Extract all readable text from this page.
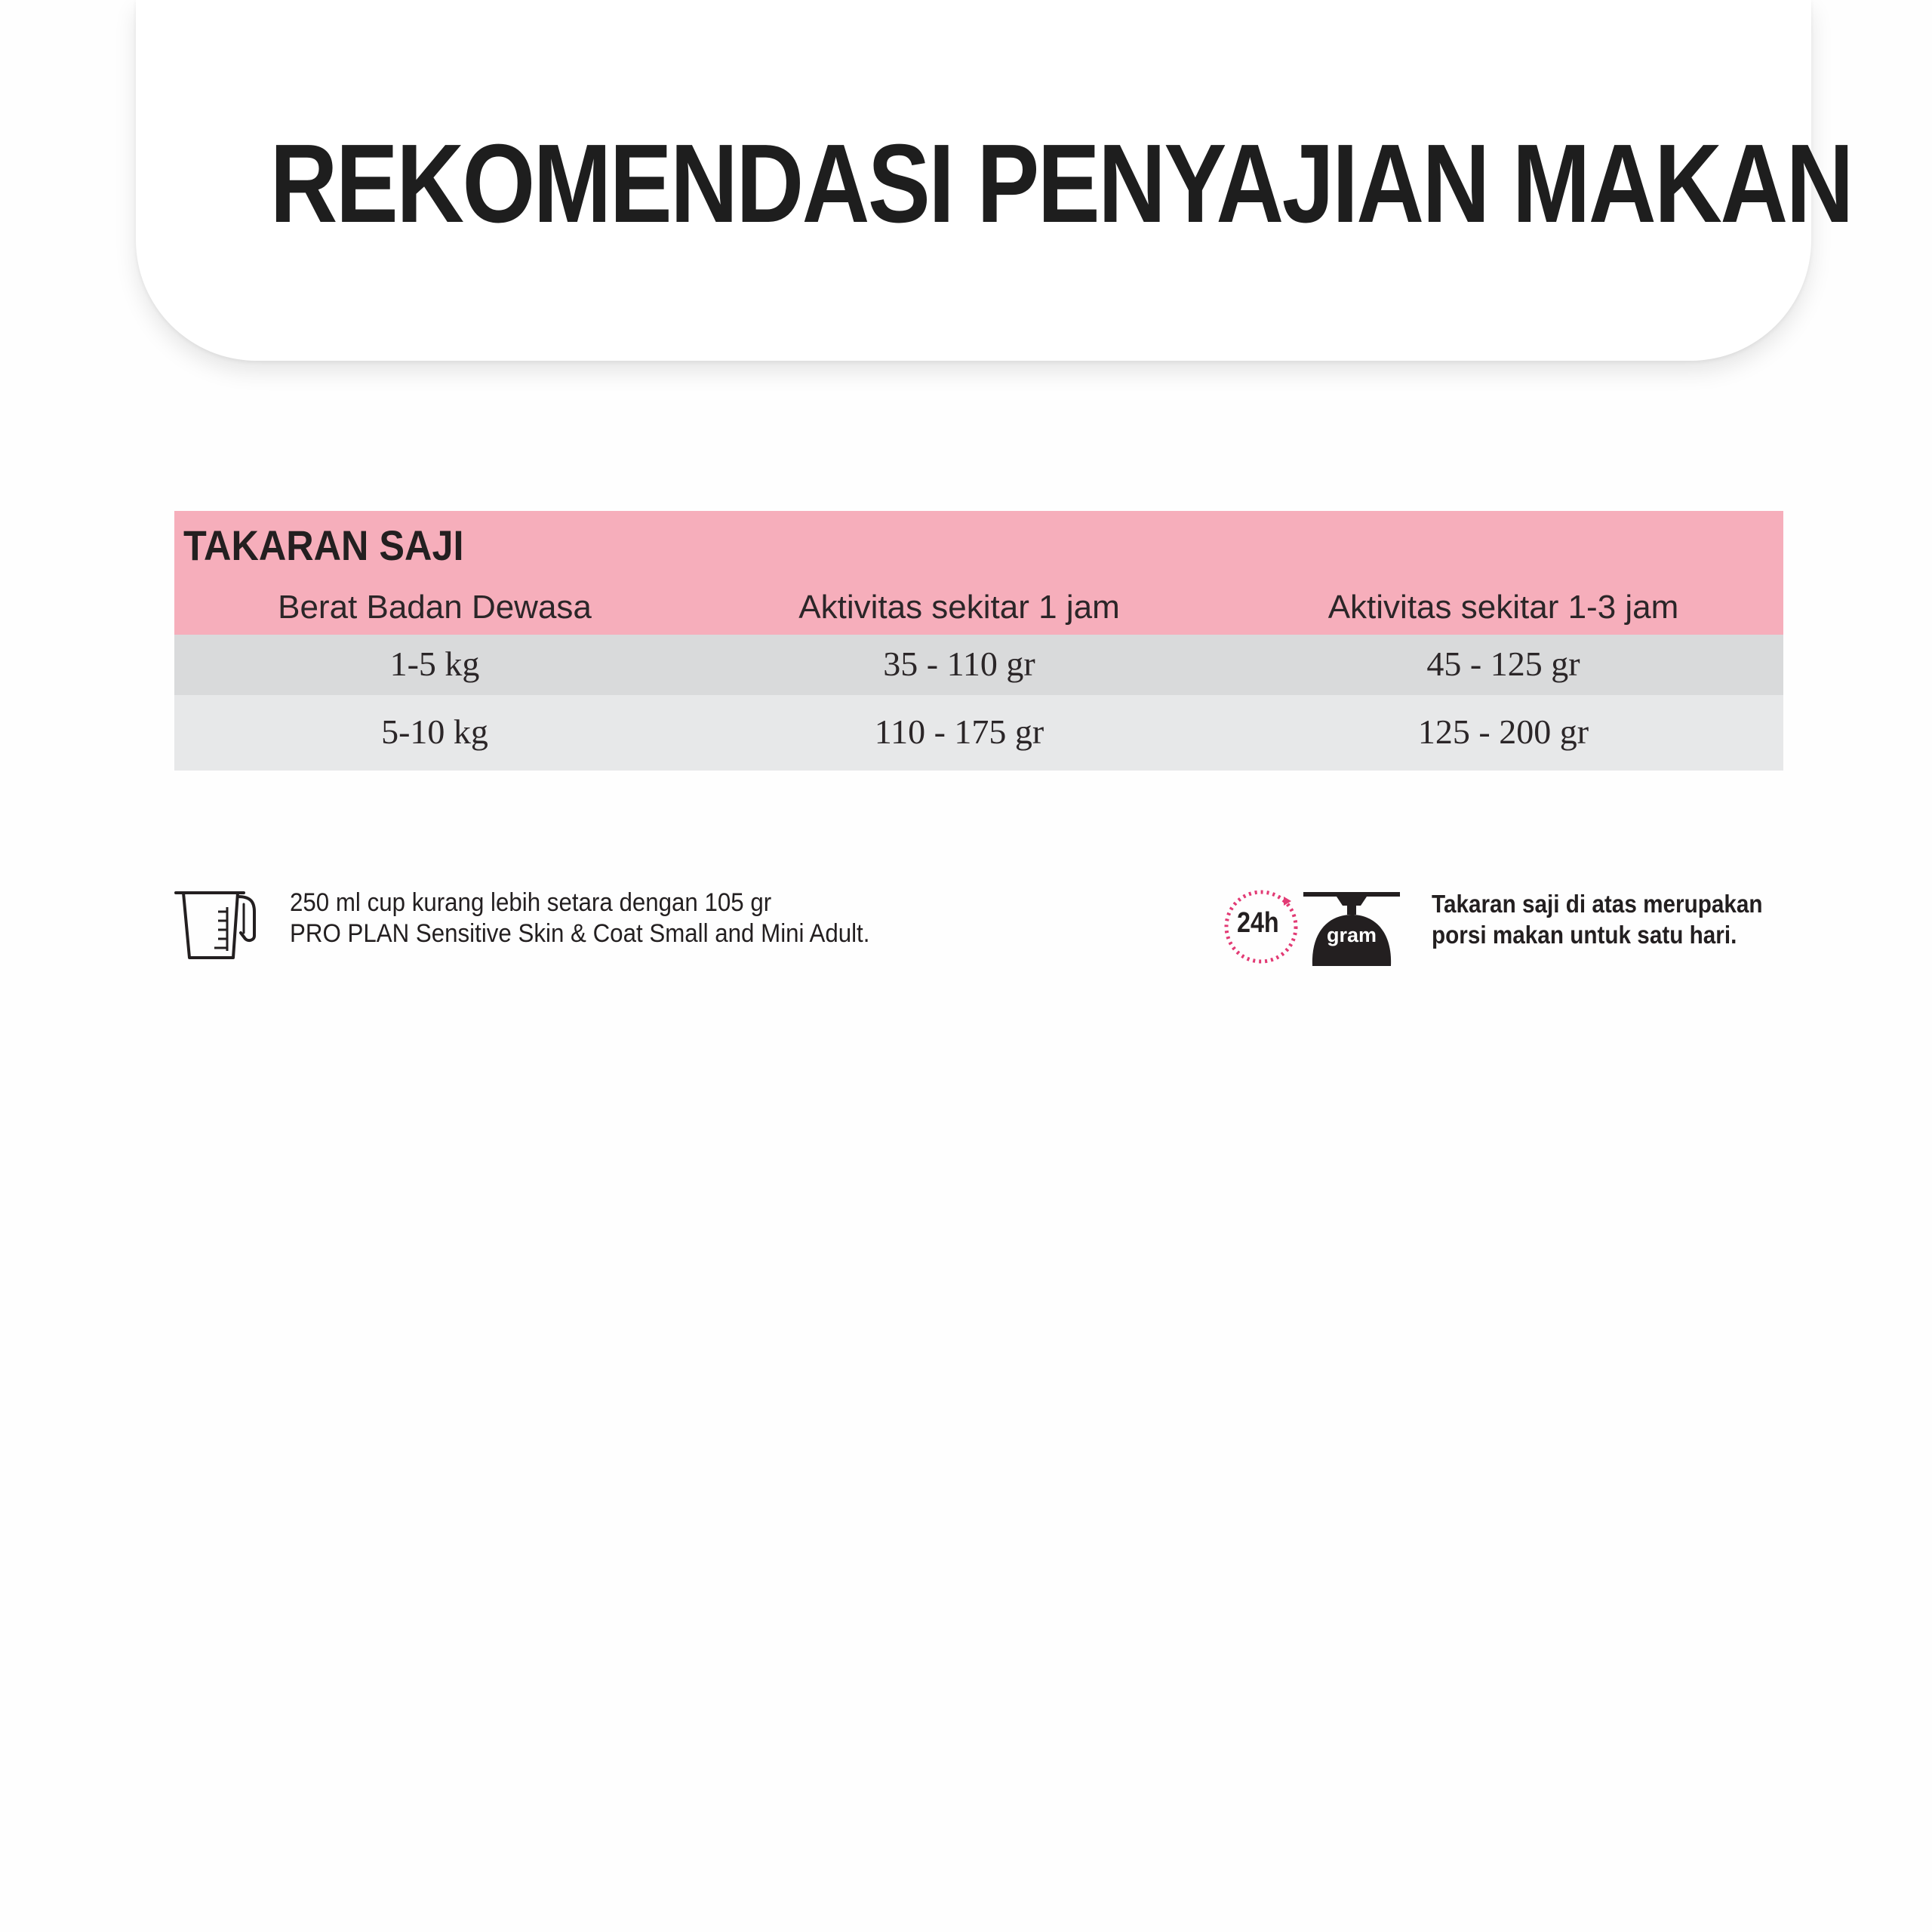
REKOMENDASI PENYAJIAN MAKAN
TAKARAN SAJI
Berat Badan Dewasa	Aktivitas sekitar 1 jam	Aktivitas sekitar 1-3 jam
1-5 kg	35 - 110 gr	45 - 125 gr
5-10 kg	110 - 175 gr	125 - 200 gr
250 ml cup kurang lebih setara dengan 105 gr
PRO PLAN Sensitive Skin & Coat Small and Mini Adult.	24h	gram
Takaran saji di atas merupakan
porsi makan untuk satu hari.
